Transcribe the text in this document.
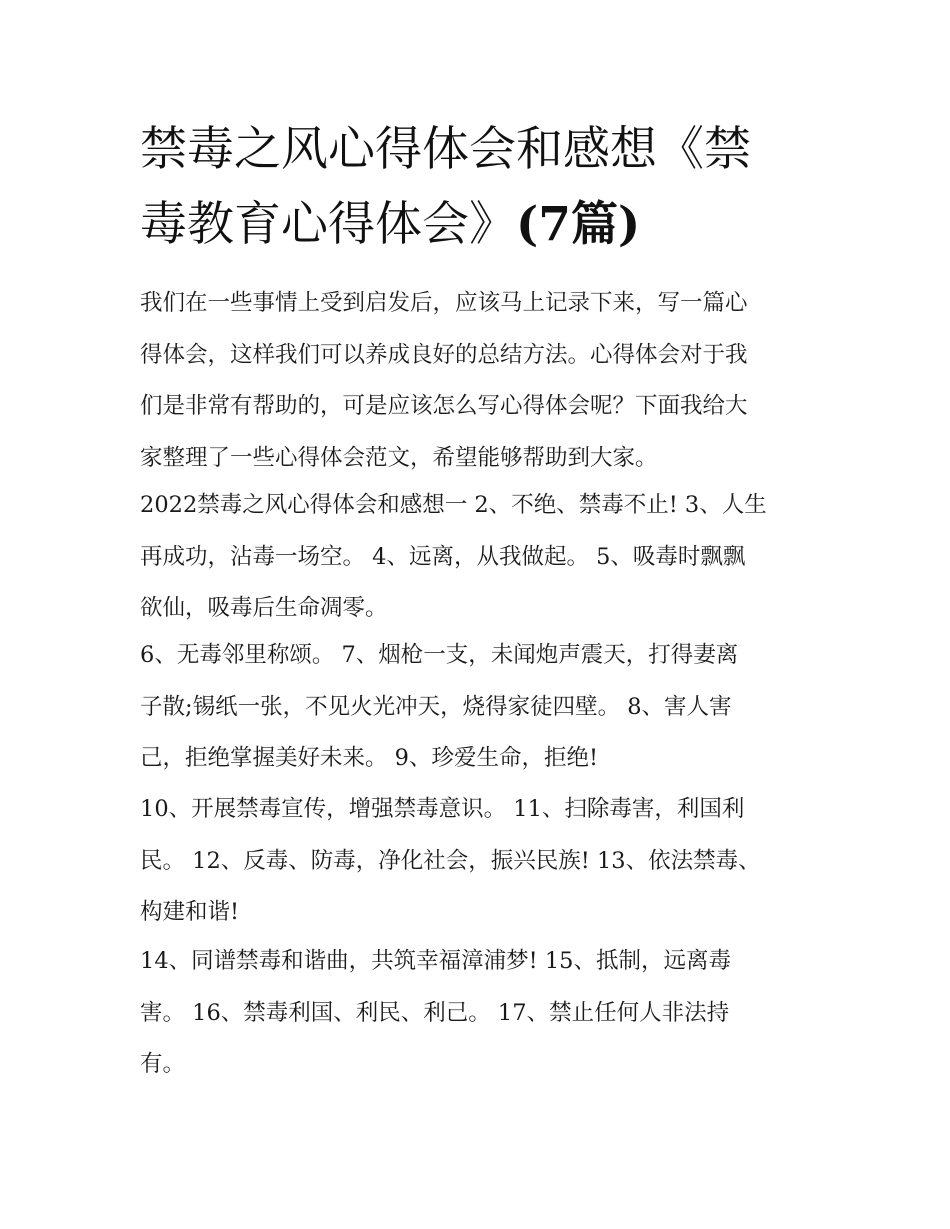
禁毒之风心得体会和感想《禁
毒教育心得体会》(7篇)
我们在一些事情上受到启发后，应该马上记录下来，写一篇心
得体会，这样我们可以养成良好的总结方法。心得体会对于我
们是非常有帮助的，可是应该怎么写心得体会呢？下面我给大
家整理了一些心得体会范文，希望能够帮助到大家。
2022禁毒之风心得体会和感想一 2、不绝、禁毒不止! 3、人生
再成功，沾毒一场空。 4、远离，从我做起。 5、吸毒时飘飘
欲仙，吸毒后生命凋零。
6、无毒邻里称颂。 7、烟枪一支，未闻炮声震天，打得妻离
子散;锡纸一张，不见火光冲天，烧得家徒四壁。 8、害人害
己，拒绝掌握美好未来。 9、珍爱生命，拒绝!
10、开展禁毒宣传，增强禁毒意识。 11、扫除毒害，利国利
民。 12、反毒、防毒，净化社会，振兴民族! 13、依法禁毒、
构建和谐!
14、同谱禁毒和谐曲，共筑幸福漳浦梦! 15、抵制，远离毒
害。 16、禁毒利国、利民、利己。 17、禁止任何人非法持
有。
